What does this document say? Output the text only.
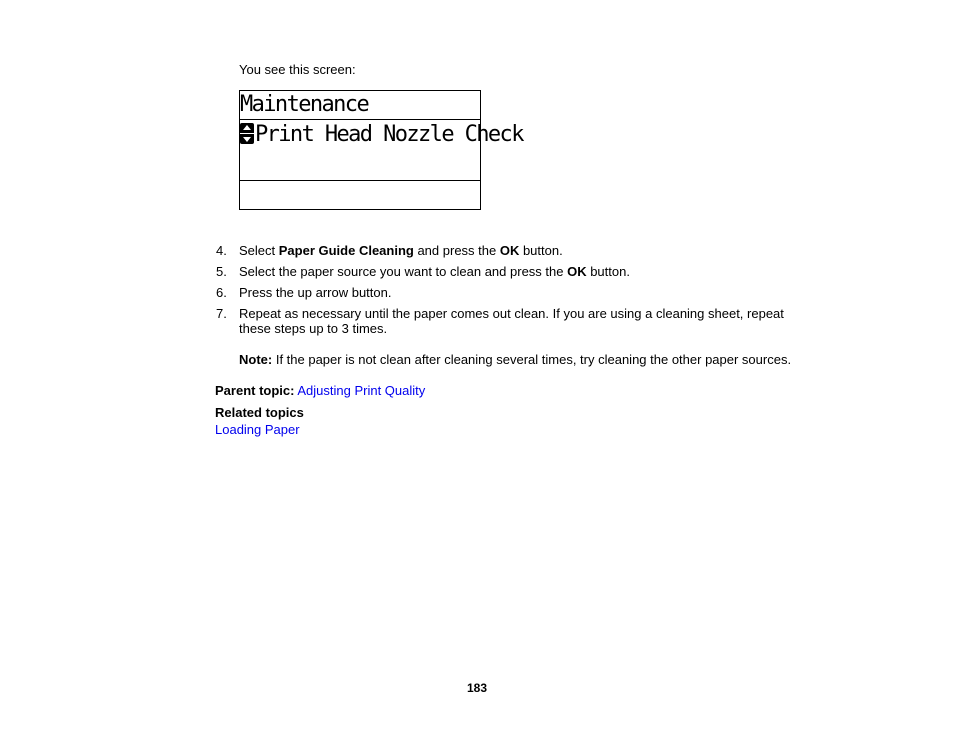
You see this screen:
Maintenance
Print Head Nozzle Check
4. Select Paper Guide Cleaning and press the OK button.
5. Select the paper source you want to clean and press the OK button.
6. Press the up arrow button.
7. Repeat as necessary until the paper comes out clean. If you are using a cleaning sheet, repeat
these steps up to 3 times.
Note: If the paper is not clean after cleaning several times, try cleaning the other paper sources.
Parent topic: Adjusting Print Quality
Related topics
Loading Paper
183
